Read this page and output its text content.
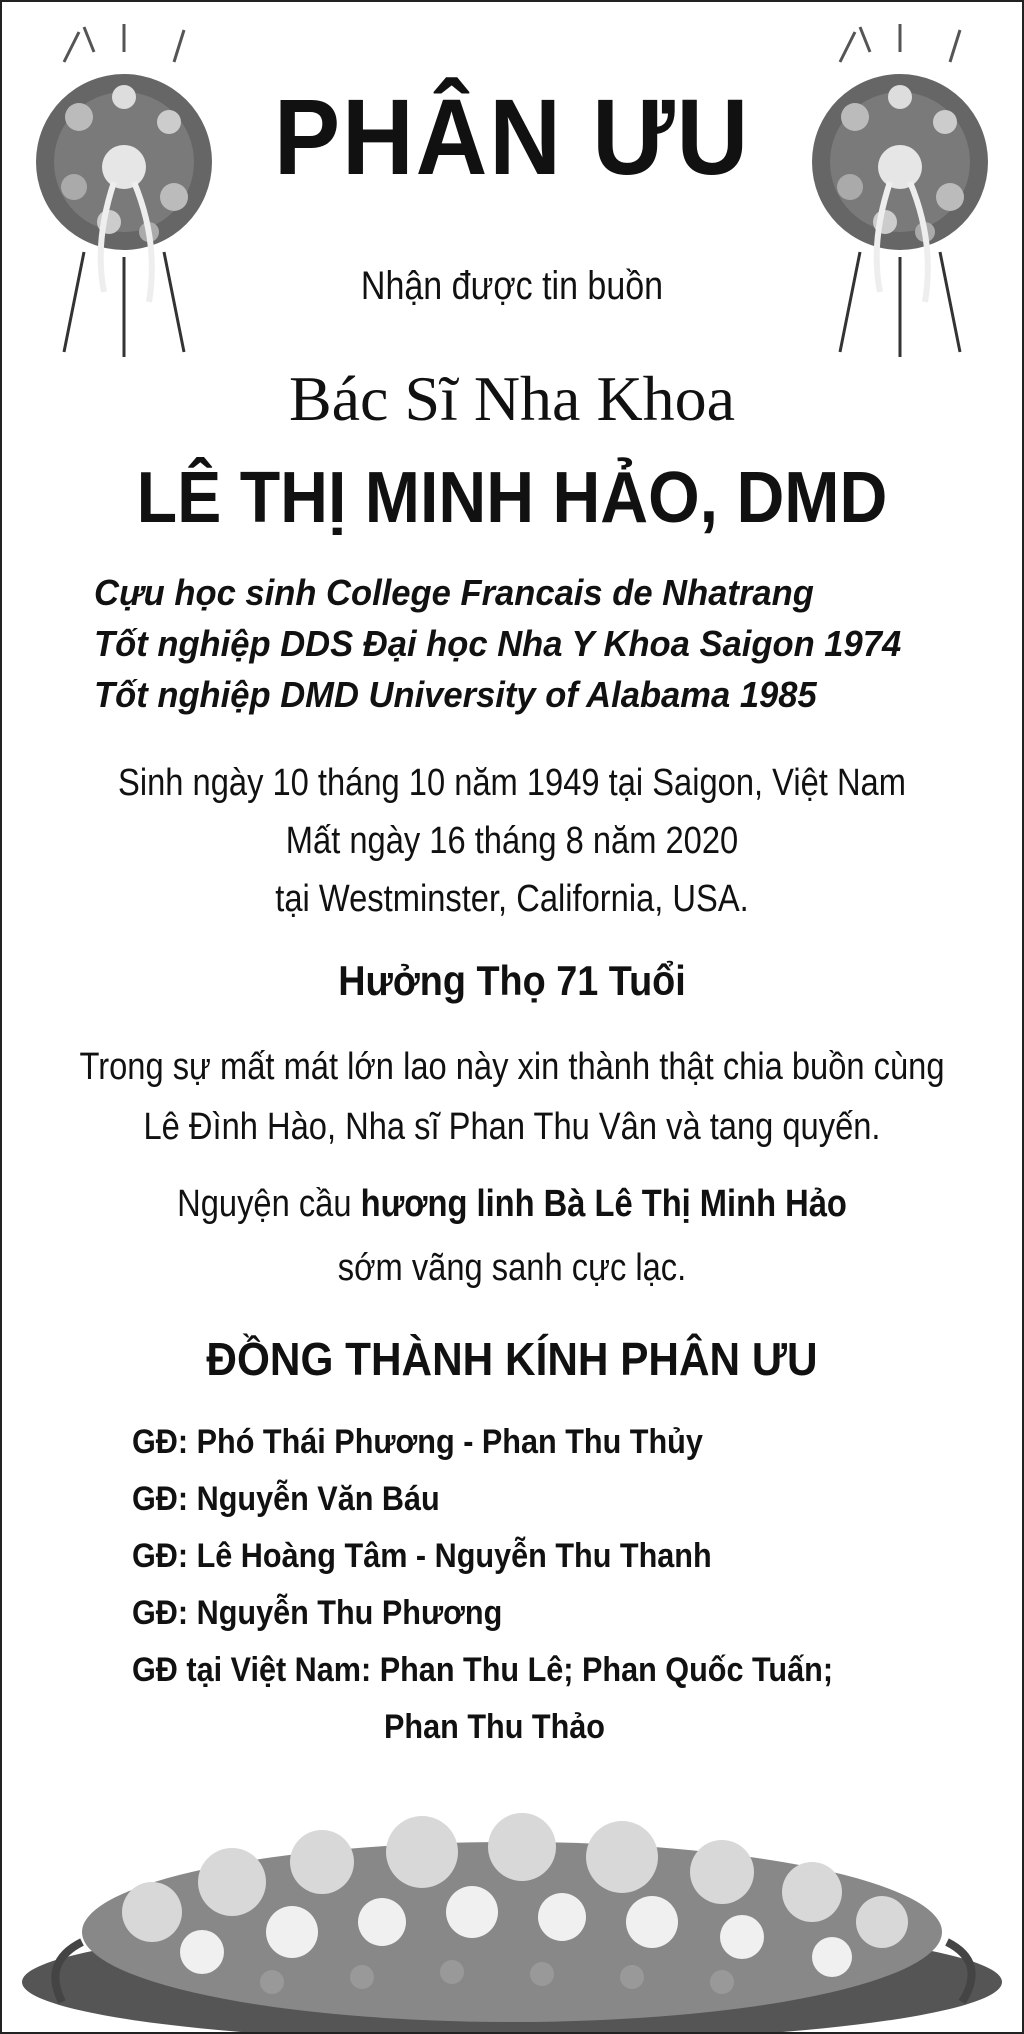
PHÂN ƯU
Nhận được tin buồn
Bác Sĩ Nha Khoa
LÊ THỊ MINH HẢO, DMD
Cựu học sinh College Francais de Nhatrang
Tốt nghiệp DDS Đại học Nha Y Khoa Saigon 1974
Tốt nghiệp DMD University of Alabama 1985
Sinh ngày 10 tháng 10 năm 1949 tại Saigon, Việt Nam
Mất ngày 16 tháng 8 năm 2020
tại Westminster, California, USA.
Hưởng Thọ 71 Tuổi
Trong sự mất mát lớn lao này xin thành thật chia buồn cùng
Lê Đình Hào, Nha sĩ Phan Thu Vân và tang quyến.
Nguyện cầu hương linh Bà Lê Thị Minh Hảo
sớm vãng sanh cực lạc.
ĐỒNG THÀNH KÍNH PHÂN ƯU
GĐ: Phó Thái Phương - Phan Thu Thủy
GĐ: Nguyễn Văn Báu
GĐ: Lê Hoàng Tâm - Nguyễn Thu Thanh
GĐ: Nguyễn Thu Phương
GĐ tại Việt Nam: Phan Thu Lê; Phan Quốc Tuấn;
Phan Thu Thảo
